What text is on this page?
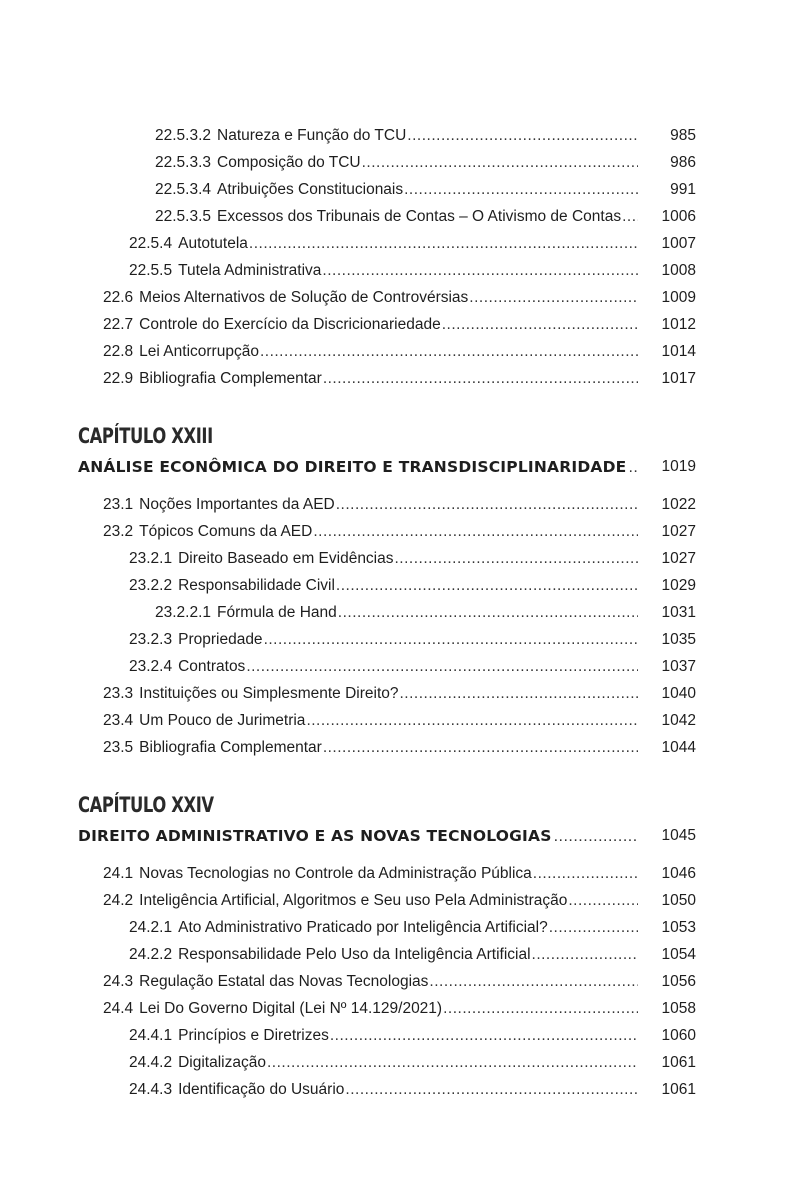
22.5.3.2 Natureza e Função do TCU .....	985
22.5.3.3 Composição do TCU .....	986
22.5.3.4 Atribuições Constitucionais .....	991
22.5.3.5 Excessos dos Tribunais de Contas – O Ativismo de Contas .....	1006
22.5.4 Autotutela .....	1007
22.5.5 Tutela Administrativa .....	1008
22.6 Meios Alternativos de Solução de Controvérsias .....	1009
22.7 Controle do Exercício da Discricionariedade .....	1012
22.8 Lei Anticorrupção .....	1014
22.9 Bibliografia Complementar .....	1017
CAPÍTULO XXIII
ANÁLISE ECONÔMICA DO DIREITO E TRANSDISCIPLINARIDADE .....	1019
23.1 Noções Importantes da AED .....	1022
23.2 Tópicos Comuns da AED .....	1027
23.2.1 Direito Baseado em Evidências .....	1027
23.2.2 Responsabilidade Civil .....	1029
23.2.2.1 Fórmula de Hand .....	1031
23.2.3 Propriedade .....	1035
23.2.4 Contratos .....	1037
23.3 Instituições ou Simplesmente Direito? .....	1040
23.4 Um Pouco de Jurimetria .....	1042
23.5 Bibliografia Complementar .....	1044
CAPÍTULO XXIV
DIREITO ADMINISTRATIVO E AS NOVAS TECNOLOGIAS .....	1045
24.1 Novas Tecnologias no Controle da Administração Pública .....	1046
24.2 Inteligência Artificial, Algoritmos e Seu uso Pela Administração .....	1050
24.2.1 Ato Administrativo Praticado por Inteligência Artificial? .....	1053
24.2.2 Responsabilidade Pelo Uso da Inteligência Artificial .....	1054
24.3 Regulação Estatal das Novas Tecnologias .....	1056
24.4 Lei Do Governo Digital (Lei Nº 14.129/2021) .....	1058
24.4.1 Princípios e Diretrizes .....	1060
24.4.2 Digitalização .....	1061
24.4.3 Identificação do Usuário .....	1061
